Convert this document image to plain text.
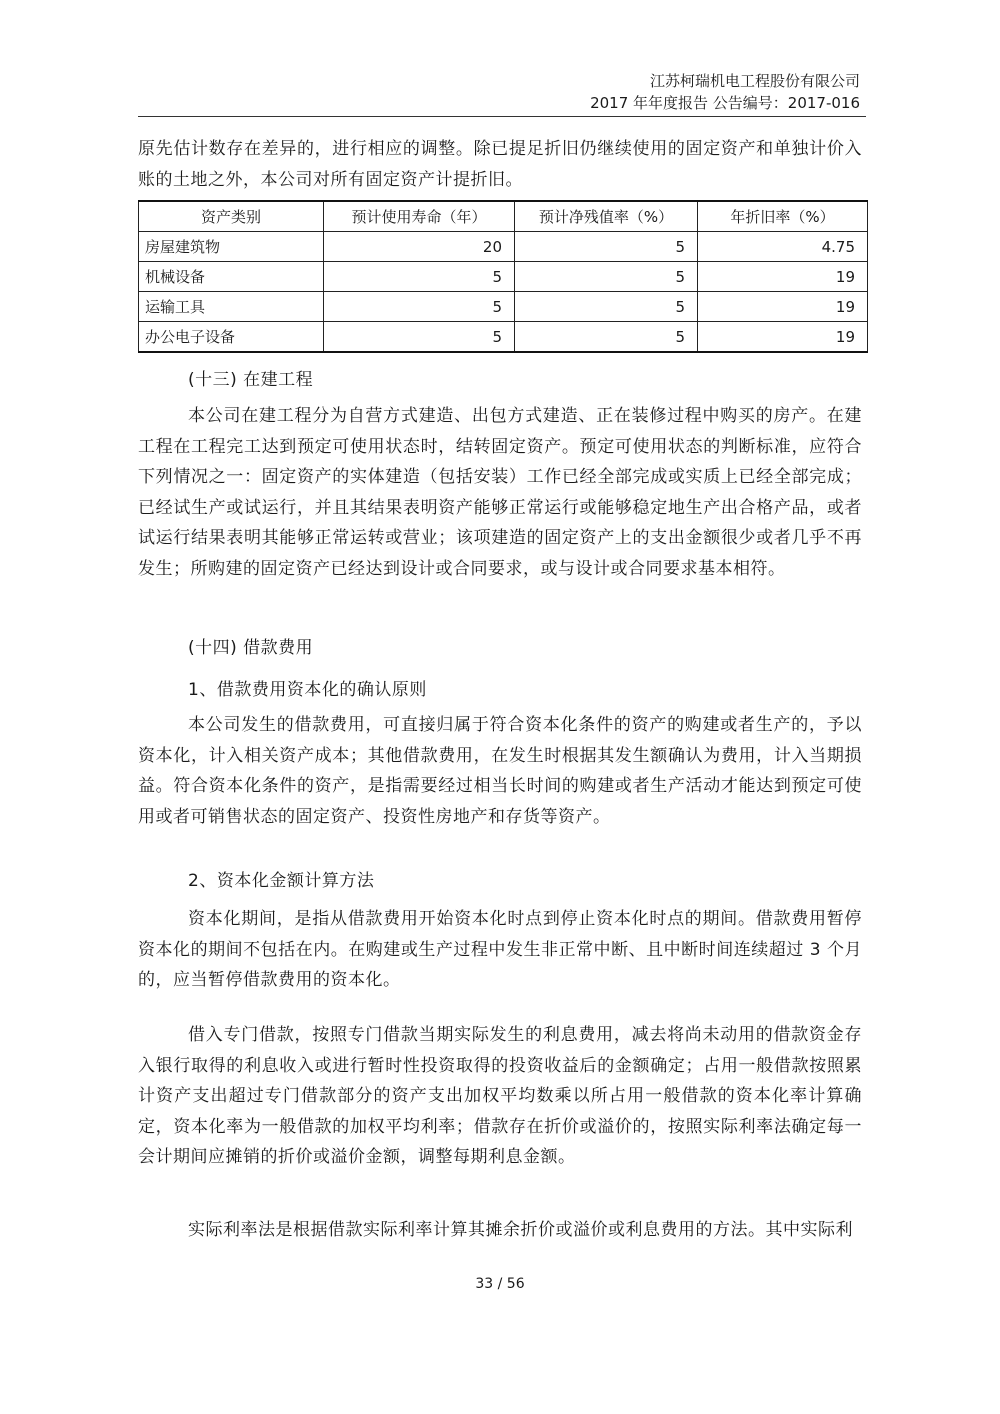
江苏柯瑞机电工程股份有限公司
2017 年年度报告 公告编号：2017-016
原先估计数存在差异的，进行相应的调整。除已提足折旧仍继续使用的固定资产和单独计价入账的土地之外，本公司对所有固定资产计提折旧。
资产类别	预计使用寿命（年）	预计净残值率（%）	年折旧率（%）
房屋建筑物	20	5	4.75
机械设备	5	5	19
运输工具	5	5	19
办公电子设备	5	5	19
(十三) 在建工程
本公司在建工程分为自营方式建造、出包方式建造、正在装修过程中购买的房产。在建工程在工程完工达到预定可使用状态时，结转固定资产。预定可使用状态的判断标准，应符合下列情况之一：固定资产的实体建造（包括安装）工作已经全部完成或实质上已经全部完成；已经试生产或试运行，并且其结果表明资产能够正常运行或能够稳定地生产出合格产品，或者试运行结果表明其能够正常运转或营业；该项建造的固定资产上的支出金额很少或者几乎不再发生；所购建的固定资产已经达到设计或合同要求，或与设计或合同要求基本相符。
(十四) 借款费用
1、借款费用资本化的确认原则
本公司发生的借款费用，可直接归属于符合资本化条件的资产的购建或者生产的，予以资本化，计入相关资产成本；其他借款费用，在发生时根据其发生额确认为费用，计入当期损益。符合资本化条件的资产，是指需要经过相当长时间的购建或者生产活动才能达到预定可使用或者可销售状态的固定资产、投资性房地产和存货等资产。
2、资本化金额计算方法
资本化期间，是指从借款费用开始资本化时点到停止资本化时点的期间。借款费用暂停资本化的期间不包括在内。在购建或生产过程中发生非正常中断、且中断时间连续超过 3 个月的，应当暂停借款费用的资本化。
借入专门借款，按照专门借款当期实际发生的利息费用，减去将尚未动用的借款资金存入银行取得的利息收入或进行暂时性投资取得的投资收益后的金额确定；占用一般借款按照累计资产支出超过专门借款部分的资产支出加权平均数乘以所占用一般借款的资本化率计算确定，资本化率为一般借款的加权平均利率；借款存在折价或溢价的，按照实际利率法确定每一会计期间应摊销的折价或溢价金额，调整每期利息金额。
实际利率法是根据借款实际利率计算其摊余折价或溢价或利息费用的方法。其中实际利
33 / 56
